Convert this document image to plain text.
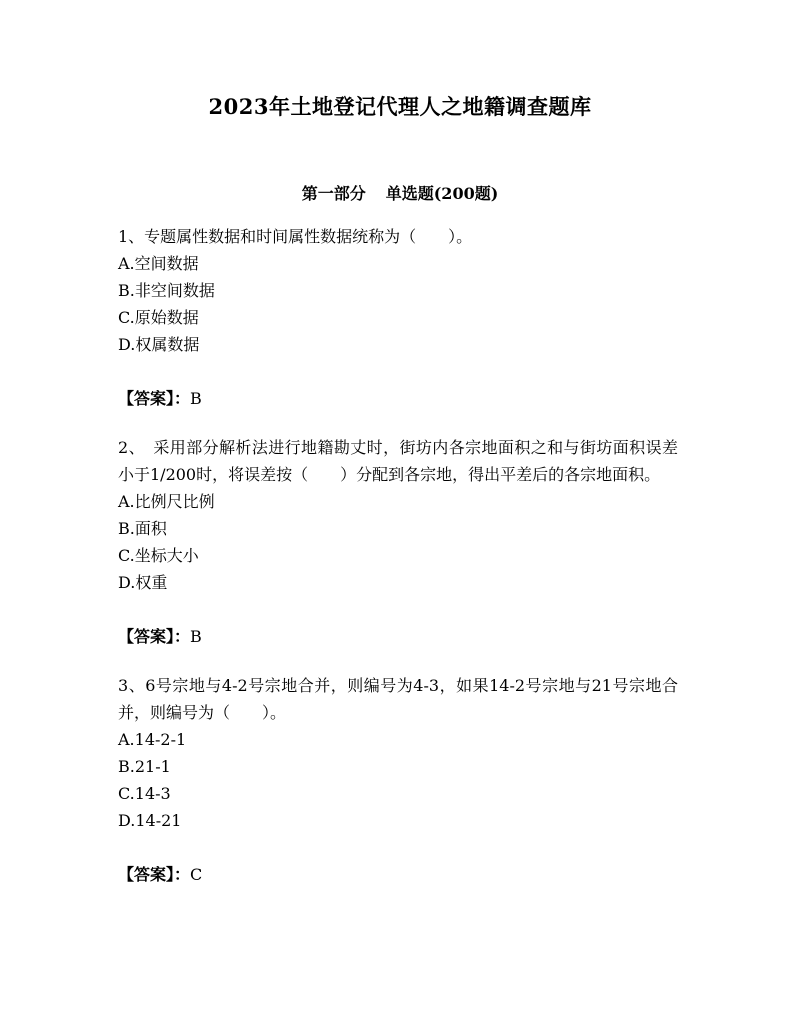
2023年土地登记代理人之地籍调查题库
第一部分 单选题(200题)
1、专题属性数据和时间属性数据统称为（　　）。
A.空间数据
B.非空间数据
C.原始数据
D.权属数据
【答案】：B
2、　采用部分解析法进行地籍勘丈时，街坊内各宗地面积之和与街坊面积误差小于1/200时，将误差按（　　）分配到各宗地，得出平差后的各宗地面积。
A.比例尺比例
B.面积
C.坐标大小
D.权重
【答案】：B
3、6号宗地与4-2号宗地合并，则编号为4-3，如果14-2号宗地与21号宗地合并，则编号为（　　）。
A.14-2-1
B.21-1
C.14-3
D.14-21
【答案】：C
